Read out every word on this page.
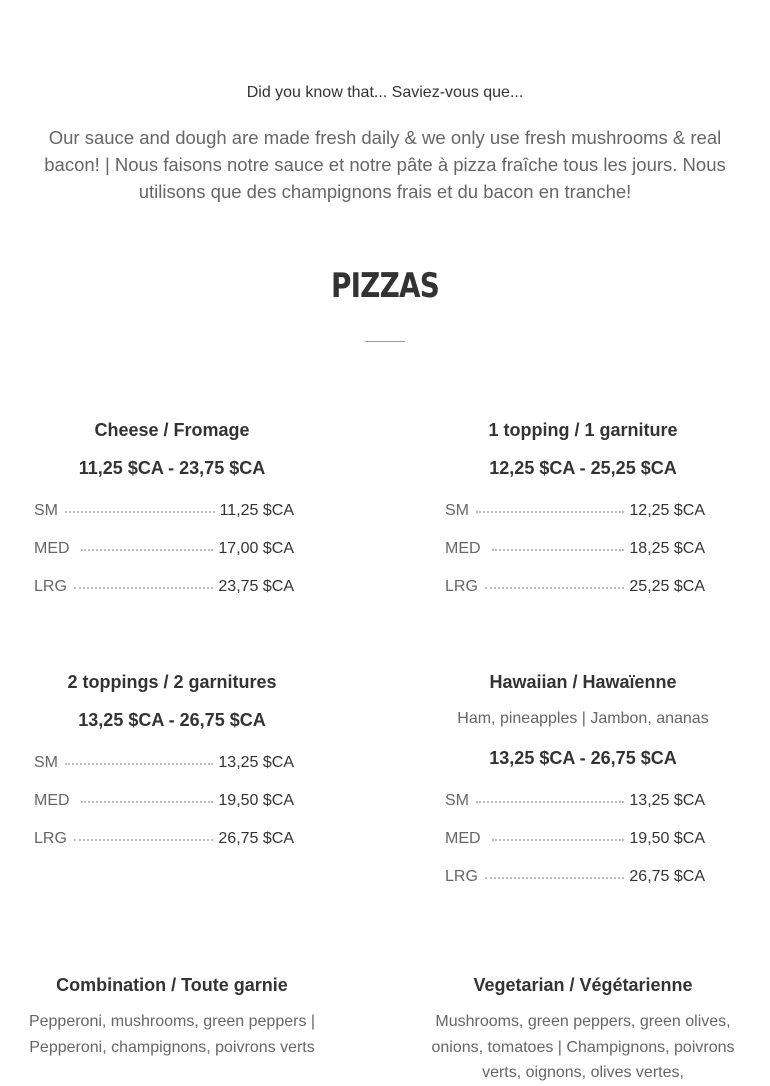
Did you know that... Saviez-vous que...
Our sauce and dough are made fresh daily & we only use fresh mushrooms & real bacon! | Nous faisons notre sauce et notre pâte à pizza fraîche tous les jours. Nous utilisons que des champignons frais et du bacon en tranche!
PIZZAS
Cheese / Fromage
11,25 $CA - 23,75 $CA
SM	11,25 $CA
MED	17,00 $CA
LRG	23,75 $CA
1 topping / 1 garniture
12,25 $CA - 25,25 $CA
SM	12,25 $CA
MED	18,25 $CA
LRG	25,25 $CA
2 toppings / 2 garnitures
13,25 $CA - 26,75 $CA
SM	13,25 $CA
MED	19,50 $CA
LRG	26,75 $CA
Hawaiian / Hawaïenne
Ham, pineapples | Jambon, ananas
13,25 $CA - 26,75 $CA
SM	13,25 $CA
MED	19,50 $CA
LRG	26,75 $CA
Combination / Toute garnie
Pepperoni, mushrooms, green peppers | Pepperoni, champignons, poivrons verts
Vegetarian / Végétarienne
Mushrooms, green peppers, green olives, onions, tomatoes | Champignons, poivrons verts, oignons, olives vertes,
